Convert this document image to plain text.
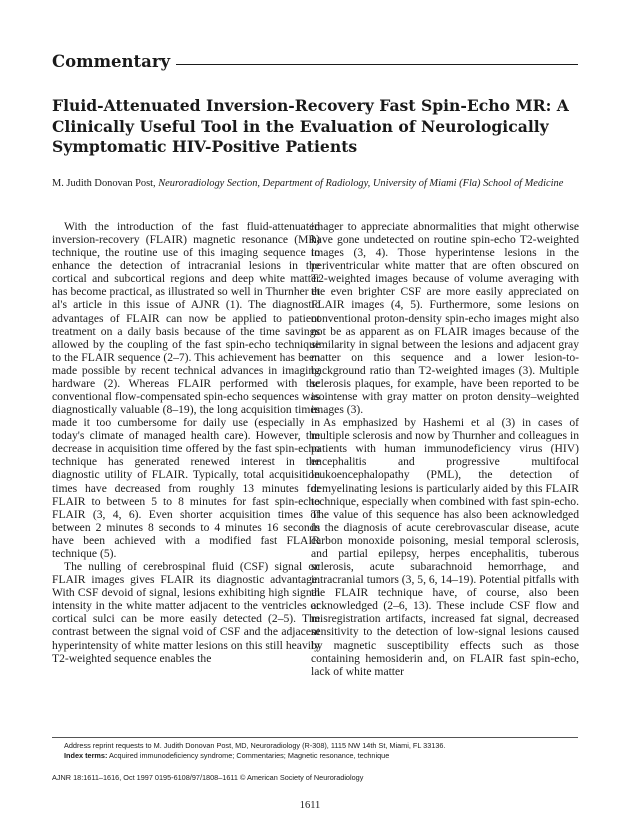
Commentary
Fluid-Attenuated Inversion-Recovery Fast Spin-Echo MR: A Clinically Useful Tool in the Evaluation of Neurologically Symptomatic HIV-Positive Patients
M. Judith Donovan Post, Neuroradiology Section, Department of Radiology, University of Miami (Fla) School of Medicine

With the introduction of the fast fluid-attenuated inversion-recovery (FLAIR) magnetic resonance (MR) technique, the routine use of this imaging sequence to enhance the detection of intracranial lesions in the cortical and subcortical regions and deep white matter has become practical, as illustrated so well in Thurnher et al's article in this issue of AJNR (1). The diagnostic advantages of FLAIR can now be applied to patient treatment on a daily basis because of the time savings allowed by the coupling of the fast spin-echo technique to the FLAIR sequence (2–7). This achievement has been made possible by recent technical advances in imaging hardware (2). Whereas FLAIR performed with the conventional flow-compensated spin-echo sequences was diagnostically valuable (8–19), the long acquisition times made it too cumbersome for daily use (especially in today's climate of managed health care). However, the decrease in acquisition time offered by the fast spin-echo technique has generated renewed interest in the diagnostic utility of FLAIR. Typically, total acquisition times have decreased from roughly 13 minutes for FLAIR to between 5 to 8 minutes for fast spin-echo FLAIR (3, 4, 6). Even shorter acquisition times of between 2 minutes 8 seconds to 4 minutes 16 seconds have been achieved with a modified fast FLAIR technique (5).

The nulling of cerebrospinal fluid (CSF) signal on FLAIR images gives FLAIR its diagnostic advantage. With CSF devoid of signal, lesions exhibiting high signal intensity in the white matter adjacent to the ventricles or cortical sulci can be more easily detected (2–5). The contrast between the signal void of CSF and the adjacent hyperintensity of white matter lesions on this still heavily T2-weighted sequence enables the

imager to appreciate abnormalities that might otherwise have gone undetected on routine spin-echo T2-weighted images (3, 4). Those hyperintense lesions in the periventricular white matter that are often obscured on T2-weighted images because of volume averaging with the even brighter CSF are more easily appreciated on FLAIR images (4, 5). Furthermore, some lesions on conventional proton-density spin-echo images might also not be as apparent as on FLAIR images because of the similarity in signal between the lesions and adjacent gray matter on this sequence and a lower lesion-to-background ratio than T2-weighted images (3). Multiple sclerosis plaques, for example, have been reported to be isointense with gray matter on proton density–weighted images (3).

As emphasized by Hashemi et al (3) in cases of multiple sclerosis and now by Thurnher and colleagues in patients with human immunodeficiency virus (HIV) encephalitis and progressive multifocal leukoencephalopathy (PML), the detection of demyelinating lesions is particularly aided by this FLAIR technique, especially when combined with fast spin-echo. The value of this sequence has also been acknowledged in the diagnosis of acute cerebrovascular disease, acute carbon monoxide poisoning, mesial temporal sclerosis, and partial epilepsy, herpes encephalitis, tuberous sclerosis, acute subarachnoid hemorrhage, and intracranial tumors (3, 5, 6, 14–19). Potential pitfalls with the FLAIR technique have, of course, also been acknowledged (2–6, 13). These include CSF flow and misregistration artifacts, increased fat signal, decreased sensitivity to the detection of low-signal lesions caused by magnetic susceptibility effects such as those containing hemosiderin and, on FLAIR fast spin-echo, lack of white matter

Address reprint requests to M. Judith Donovan Post, MD, Neuroradiology (R-308), 1115 NW 14th St, Miami, FL 33136.
Index terms: Acquired immunodeficiency syndrome; Commentaries; Magnetic resonance, technique
AJNR 18:1611–1616, Oct 1997 0195-6108/97/1808–1611 © American Society of Neuroradiology
1611
